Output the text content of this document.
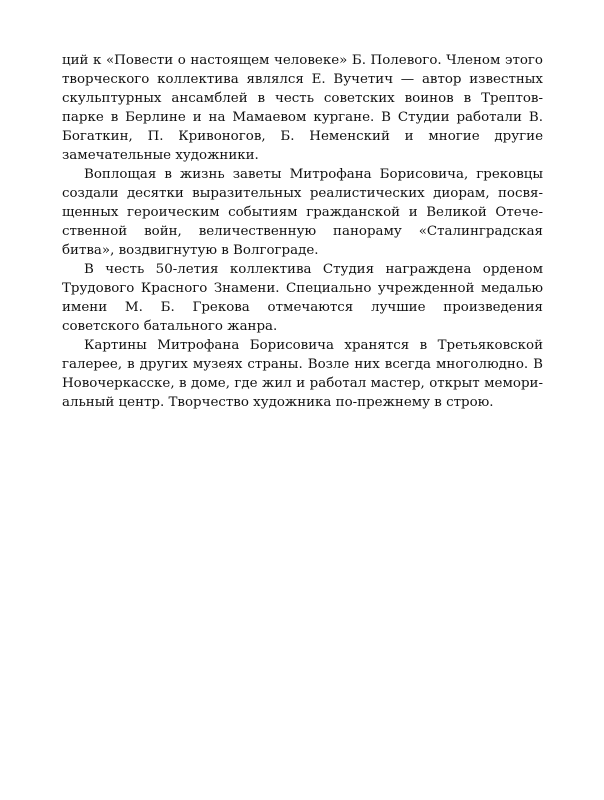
ций к «Повести о настоящем человеке» Б. Полевого. Членом этого творческого коллектива являлся Е. Вучетич — автор известных скульптурных ансамблей в честь советских воинов в Трептов-парке в Берлине и на Мамаевом кургане. В Студии работали В. Богаткин, П. Кривоногов, Б. Неменский и многие другие замечательные художники.

Воплощая в жизнь заветы Митрофана Борисовича, грековцы создали десятки выразительных реалистических диорам, посвященных героическим событиям гражданской и Великой Отечественной войн, величественную панораму «Сталинградская битва», воздвигнутую в Волгограде.

В честь 50-летия коллектива Студия награждена орденом Трудового Красного Знамени. Специально учрежденной медалью имени М. Б. Грекова отмечаются лучшие произведения советского батального жанра.

Картины Митрофана Борисовича хранятся в Третьяковской галерее, в других музеях страны. Возле них всегда многолюдно. В Новочеркасске, в доме, где жил и работал мастер, открыт мемориальный центр. Творчество художника по-прежнему в строю.
